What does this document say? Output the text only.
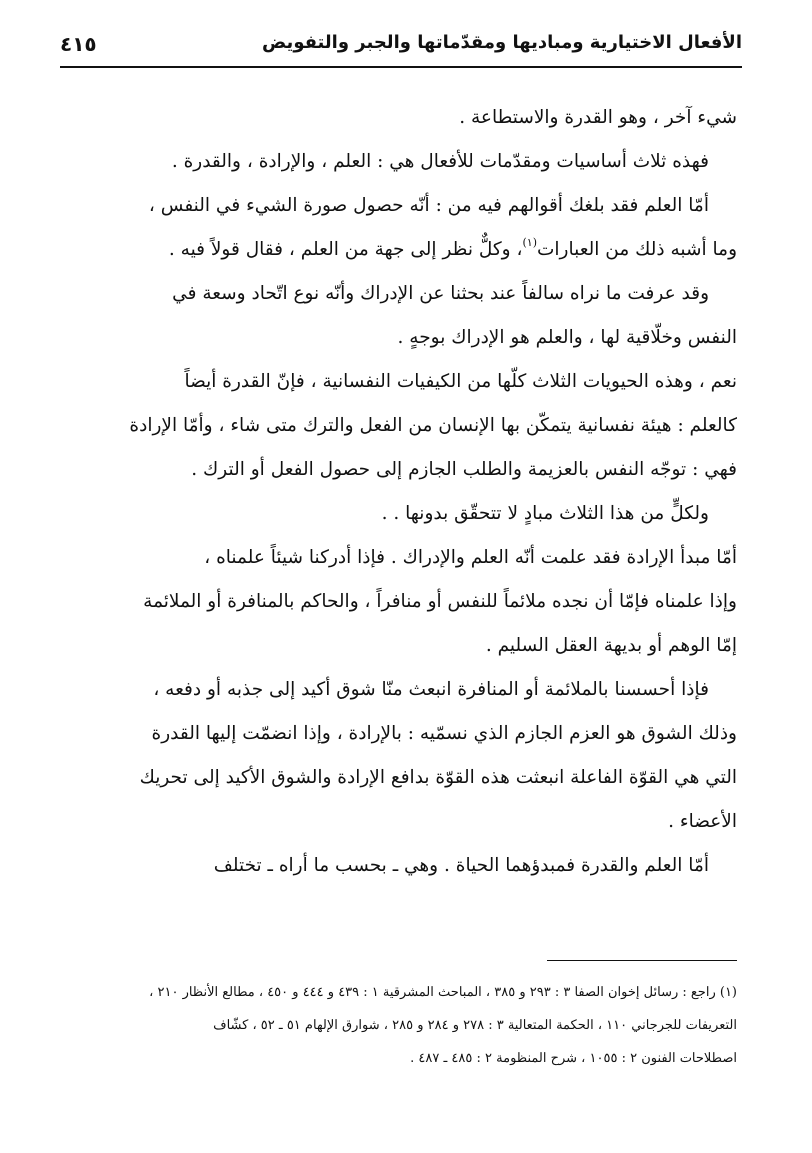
الأفعال الاختيارية ومباديها ومقدّماتها والجبر والتفويض
٤١٥
شيء آخر ، وهو القدرة والاستطاعة .
فهذه ثلاث أساسيات ومقدّمات للأفعال هي : العلم ، والإرادة ، والقدرة .
أمّا العلم فقد بلغك أقوالهم فيه من : أنّه حصول صورة الشيء في النفس ،
وما أشبه ذلك من العبارات$^{(١)}$، وكلٌّ نظر إلى جهة من العلم ، فقال قولاً فيه .
وقد عرفت ما نراه سالفاً عند بحثنا عن الإدراك وأنّه نوع اتّحاد وسعة في
النفس وخلّاقية لها ، والعلم هو الإدراك بوجهٍ .
نعم ، وهذه الحيويات الثلاث كلّها من الكيفيات النفسانية ، فإنّ القدرة أيضاً
كالعلم : هيئة نفسانية يتمكّن بها الإنسان من الفعل والترك متى شاء ، وأمّا الإرادة
فهي : توجّه النفس بالعزيمة والطلب الجازم إلى حصول الفعل أو الترك .
ولكلٍّ من هذا الثلاث مبادٍ لا تتحقّق بدونها . .
أمّا مبدأ الإرادة فقد علمت أنّه العلم والإدراك . فإذا أدركنا شيئاً علمناه ،
وإذا علمناه فإمّا أن نجده ملائماً للنفس أو منافراً ، والحاكم بالمنافرة أو الملائمة
إمّا الوهم أو بديهة العقل السليم .
فإذا أحسسنا بالملائمة أو المنافرة انبعث منّا شوق أكيد إلى جذبه أو دفعه ،
وذلك الشوق هو العزم الجازم الذي نسمّيه : بالإرادة ، وإذا انضمّت إليها القدرة
التي هي القوّة الفاعلة انبعثت هذه القوّة بدافع الإرادة والشوق الأكيد إلى تحريك
الأعضاء .
أمّا العلم والقدرة فمبدؤهما الحياة . وهي ـ بحسب ما أراه ـ تختلف
(١) راجع : رسائل إخوان الصفا ٣ : ٢٩٣ و ٣٨٥ ، المباحث المشرقية ١ : ٤٣٩ و ٤٤٤ و ٤٥٠ ، مطالع الأنظار ٢١٠ ،
التعريفات للجرجاني ١١٠ ، الحكمة المتعالية ٣ : ٢٧٨ و ٢٨٤ و ٢٨٥ ، شوارق الإلهام ٥١ ـ ٥٢ ، كشّاف
اصطلاحات الفنون ٢ : ١٠٥٥ ، شرح المنظومة ٢ : ٤٨٥ ـ ٤٨٧ .
